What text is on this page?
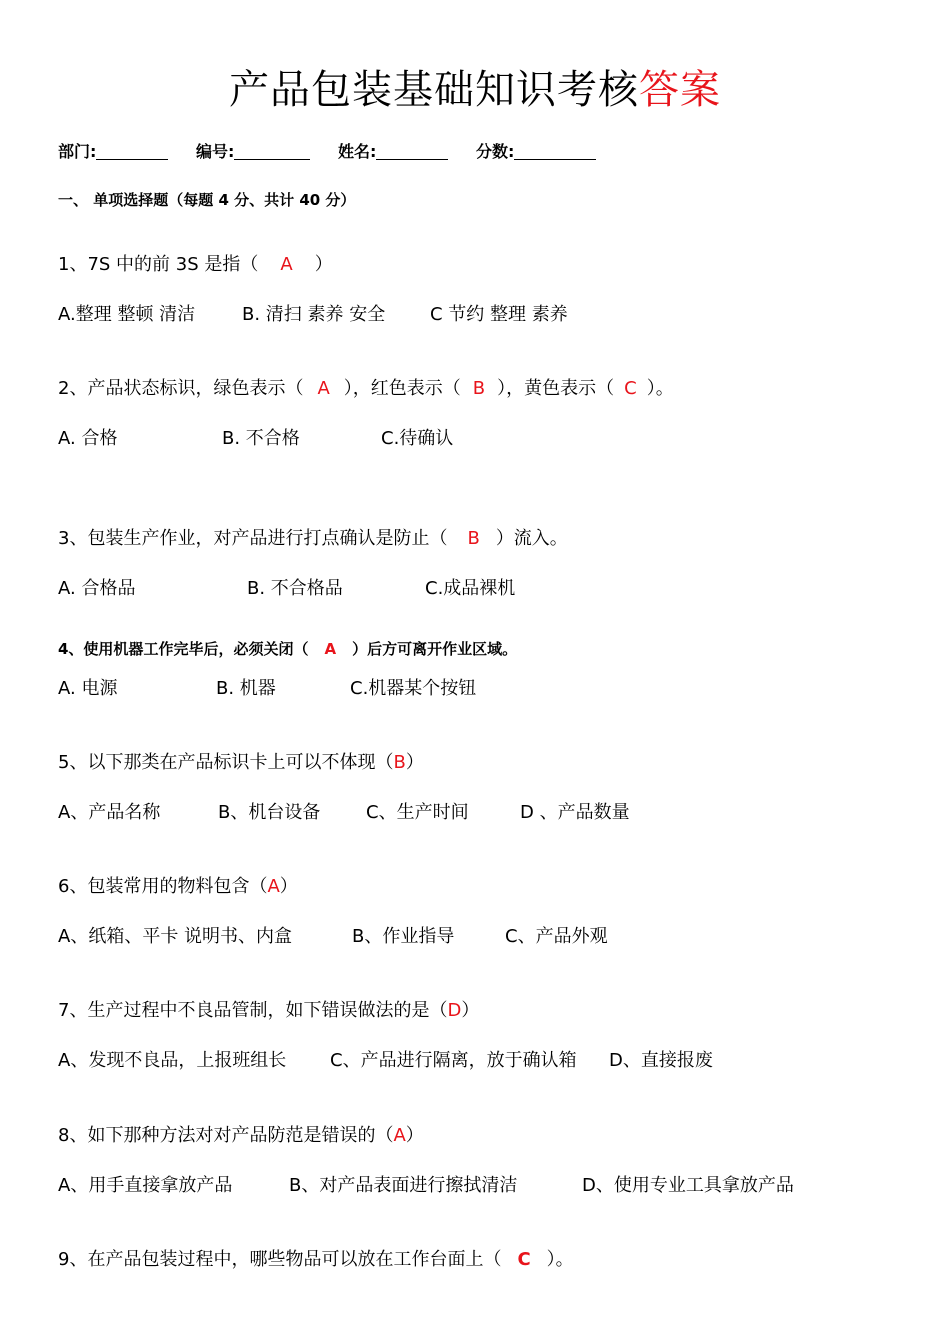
产品包装基础知识考核答案
部门:	编号:	姓名:	分数:
一、 单项选择题（每题 4 分、共计 40 分）
1、7S 中的前 3S 是指（ A ）
A.整理 整顿 清洁	B. 清扫 素养 安全 C 节约 整理 素养
2、产品状态标识，绿色表示（ A ），红色表示（ B ），黄色表示（ C ）。
A. 合格	B. 不合格	C.待确认
3、包装生产作业，对产品进行打点确认是防止（ B ）流入。
A. 合格品	B. 不合格品	C.成品裸机
4、使用机器工作完毕后，必须关闭（ A ）后方可离开作业区域。
A. 电源	B. 机器	C.机器某个按钮
5、以下那类在产品标识卡上可以不体现（B）
A、产品名称	B、机台设备	C、生产时间	D 、产品数量
6、包装常用的物料包含（A）
A、纸箱、平卡 说明书、内盒	B、作业指导	C、产品外观
7、生产过程中不良品管制，如下错误做法的是（D）
A、发现不良品，上报班组长 C、产品进行隔离，放于确认箱 D、直接报废
8、如下那种方法对对产品防范是错误的（A）
A、用手直接拿放产品	B、对产品表面进行擦拭清洁	D、使用专业工具拿放产品
9、在产品包装过程中，哪些物品可以放在工作台面上（ C ）。
